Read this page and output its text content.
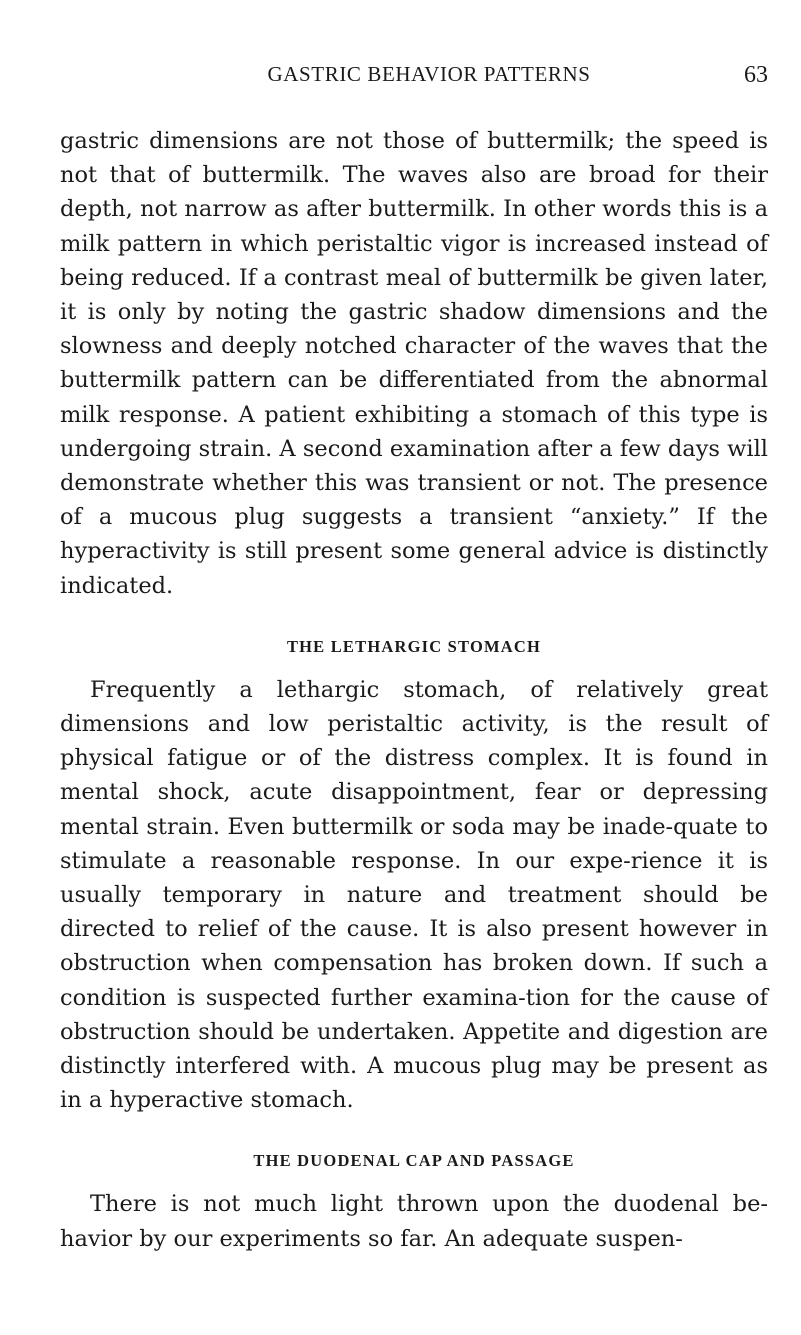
GASTRIC BEHAVIOR PATTERNS	63

gastric dimensions are not those of buttermilk; the speed is not that of buttermilk. The waves also are broad for their depth, not narrow as after buttermilk. In other words this is a milk pattern in which peristaltic vigor is increased instead of being reduced. If a contrast meal of buttermilk be given later, it is only by noting the gastric shadow dimensions and the slowness and deeply notched character of the waves that the buttermilk pattern can be differentiated from the abnormal milk response. A patient exhibiting a stomach of this type is undergoing strain. A second examination after a few days will demonstrate whether this was transient or not. The presence of a mucous plug suggests a transient “anxiety.” If the hyperactivity is still present some general advice is distinctly indicated.

THE LETHARGIC STOMACH

Frequently a lethargic stomach, of relatively great dimensions and low peristaltic activity, is the result of physical fatigue or of the distress complex. It is found in mental shock, acute disappointment, fear or depressing mental strain. Even buttermilk or soda may be inade-quate to stimulate a reasonable response. In our expe-rience it is usually temporary in nature and treatment should be directed to relief of the cause. It is also present however in obstruction when compensation has broken down. If such a condition is suspected further examina-tion for the cause of obstruction should be undertaken. Appetite and digestion are distinctly interfered with. A mucous plug may be present as in a hyperactive stomach.

THE DUODENAL CAP AND PASSAGE

There is not much light thrown upon the duodenal be-havior by our experiments so far. An adequate suspen-
